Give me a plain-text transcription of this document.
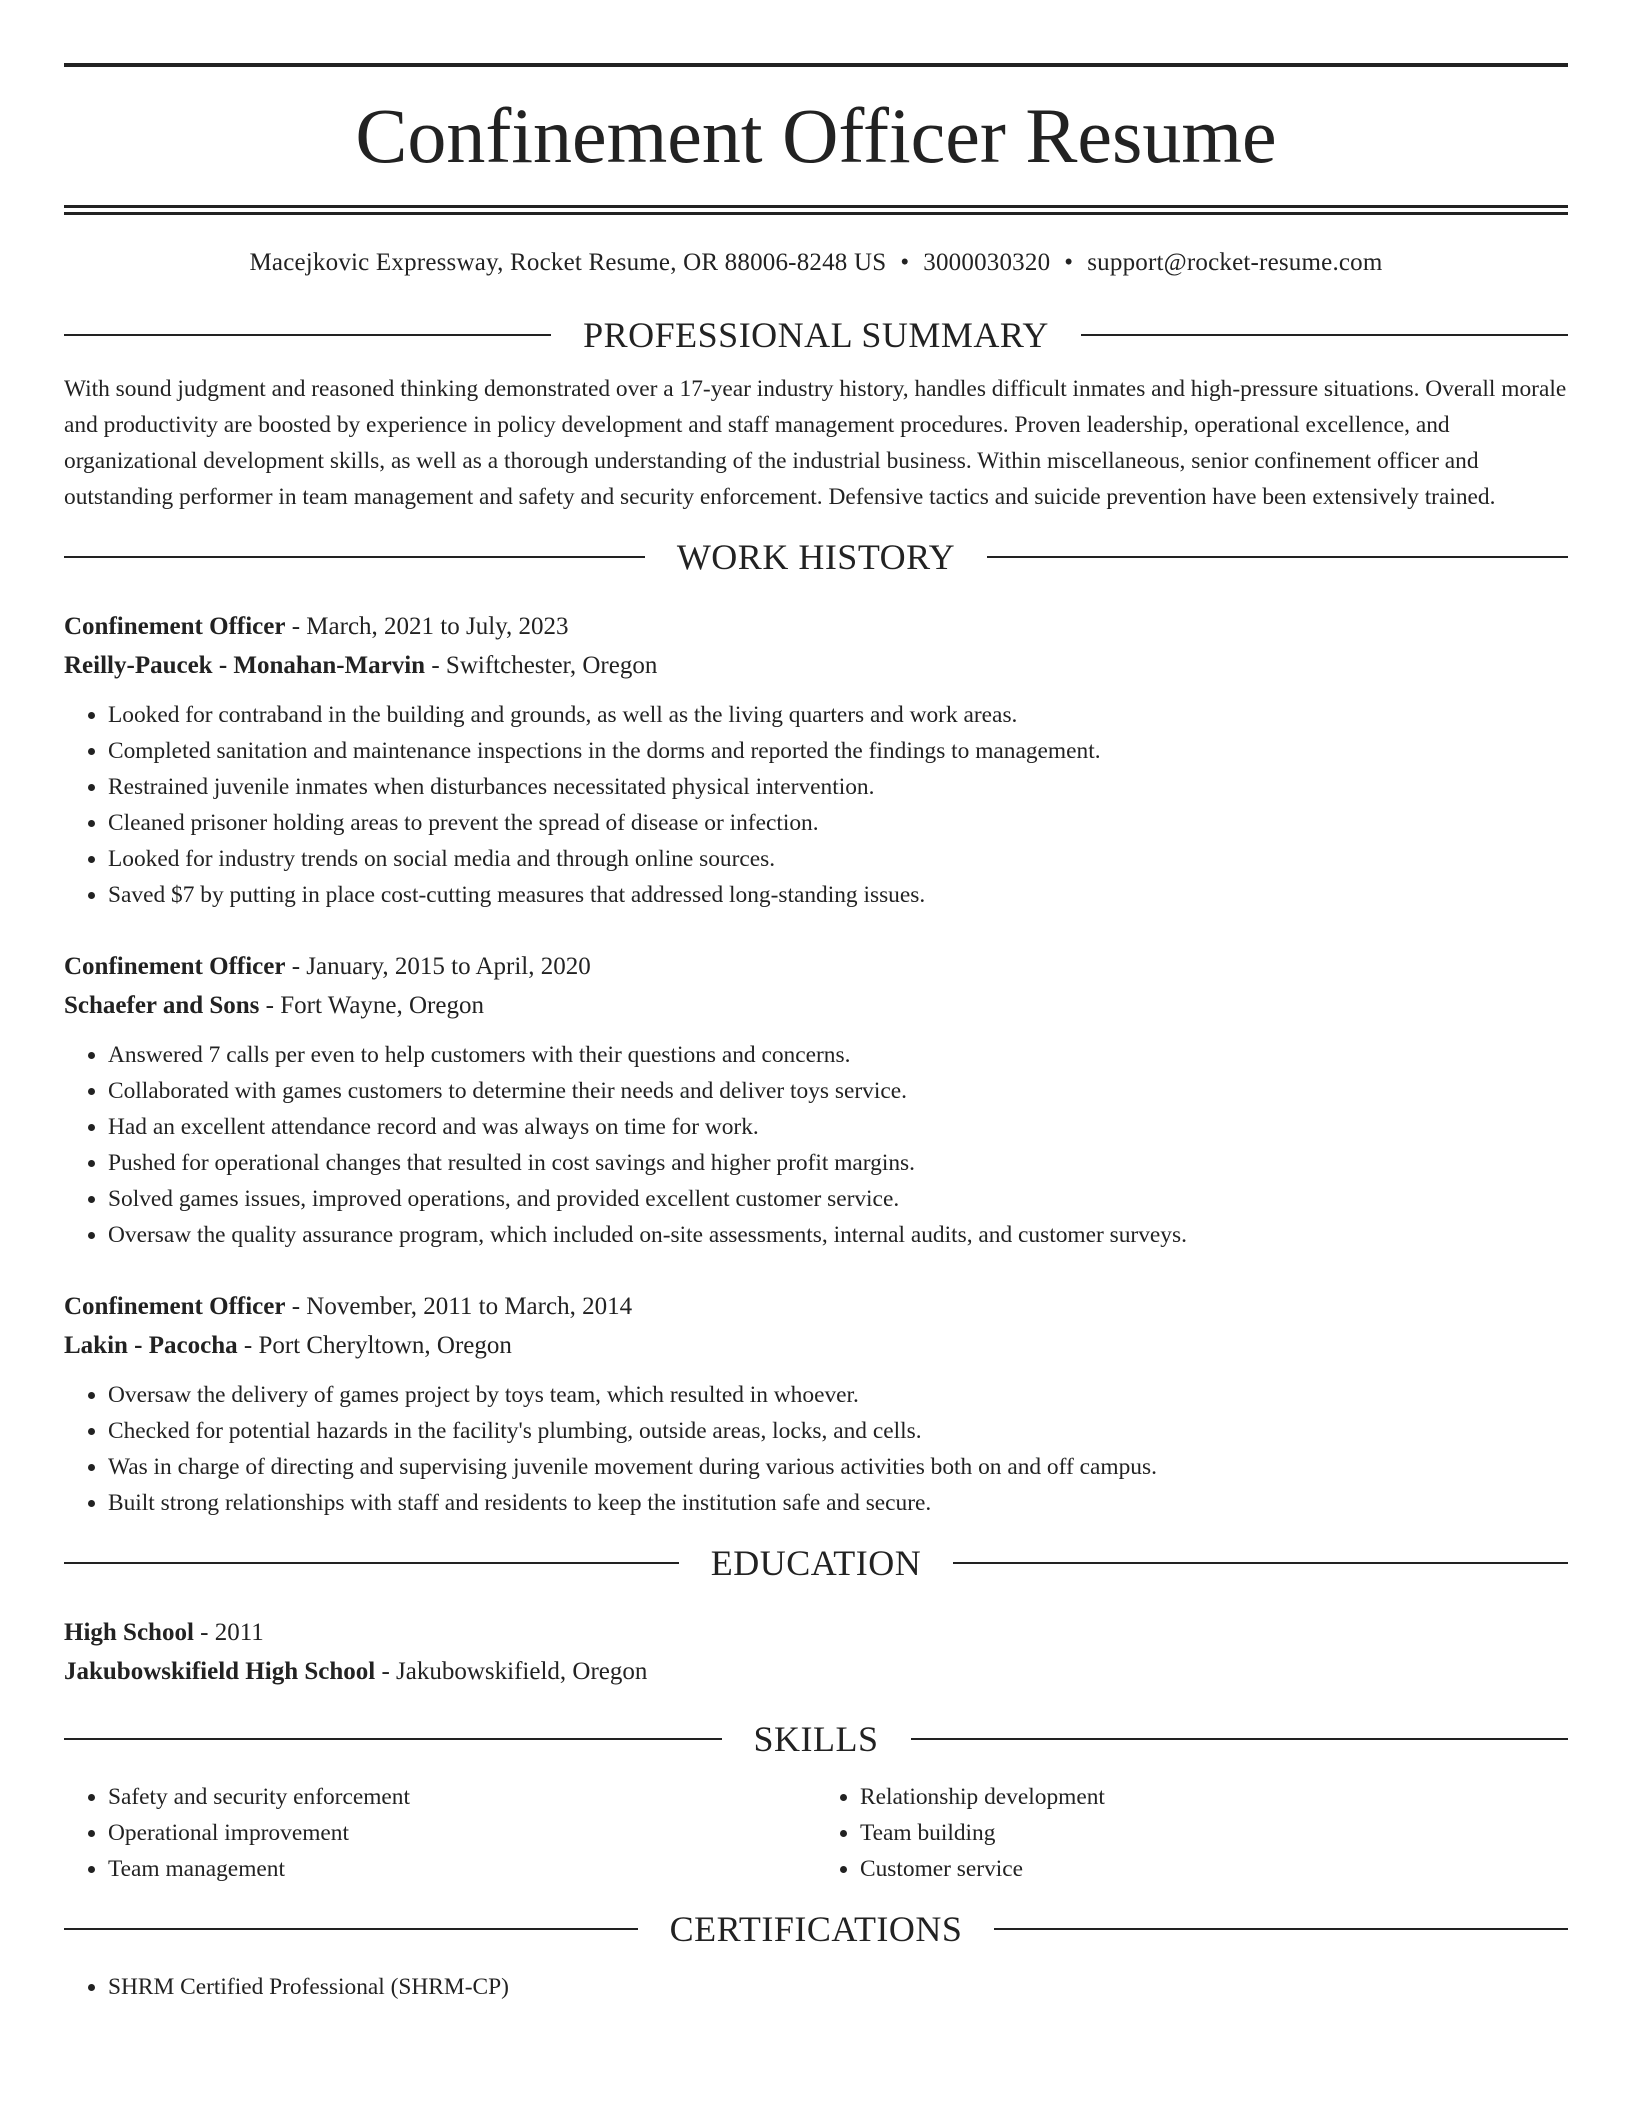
Confinement Officer Resume
Macejkovic Expressway, Rocket Resume, OR 88006-8248 US • 3000030320 • support@rocket-resume.com
PROFESSIONAL SUMMARY
With sound judgment and reasoned thinking demonstrated over a 17-year industry history, handles difficult inmates and high-pressure situations. Overall morale and productivity are boosted by experience in policy development and staff management procedures. Proven leadership, operational excellence, and organizational development skills, as well as a thorough understanding of the industrial business. Within miscellaneous, senior confinement officer and outstanding performer in team management and safety and security enforcement. Defensive tactics and suicide prevention have been extensively trained.
WORK HISTORY
Confinement Officer - March, 2021 to July, 2023
Reilly-Paucek - Monahan-Marvin - Swiftchester, Oregon
• Looked for contraband in the building and grounds, as well as the living quarters and work areas.
• Completed sanitation and maintenance inspections in the dorms and reported the findings to management.
• Restrained juvenile inmates when disturbances necessitated physical intervention.
• Cleaned prisoner holding areas to prevent the spread of disease or infection.
• Looked for industry trends on social media and through online sources.
• Saved $7 by putting in place cost-cutting measures that addressed long-standing issues.
Confinement Officer - January, 2015 to April, 2020
Schaefer and Sons - Fort Wayne, Oregon
• Answered 7 calls per even to help customers with their questions and concerns.
• Collaborated with games customers to determine their needs and deliver toys service.
• Had an excellent attendance record and was always on time for work.
• Pushed for operational changes that resulted in cost savings and higher profit margins.
• Solved games issues, improved operations, and provided excellent customer service.
• Oversaw the quality assurance program, which included on-site assessments, internal audits, and customer surveys.
Confinement Officer - November, 2011 to March, 2014
Lakin - Pacocha - Port Cheryltown, Oregon
• Oversaw the delivery of games project by toys team, which resulted in whoever.
• Checked for potential hazards in the facility's plumbing, outside areas, locks, and cells.
• Was in charge of directing and supervising juvenile movement during various activities both on and off campus.
• Built strong relationships with staff and residents to keep the institution safe and secure.
EDUCATION
High School - 2011
Jakubowskifield High School - Jakubowskifield, Oregon
SKILLS
• Safety and security enforcement
• Operational improvement
• Team management
• Relationship development
• Team building
• Customer service
CERTIFICATIONS
• SHRM Certified Professional (SHRM-CP)
